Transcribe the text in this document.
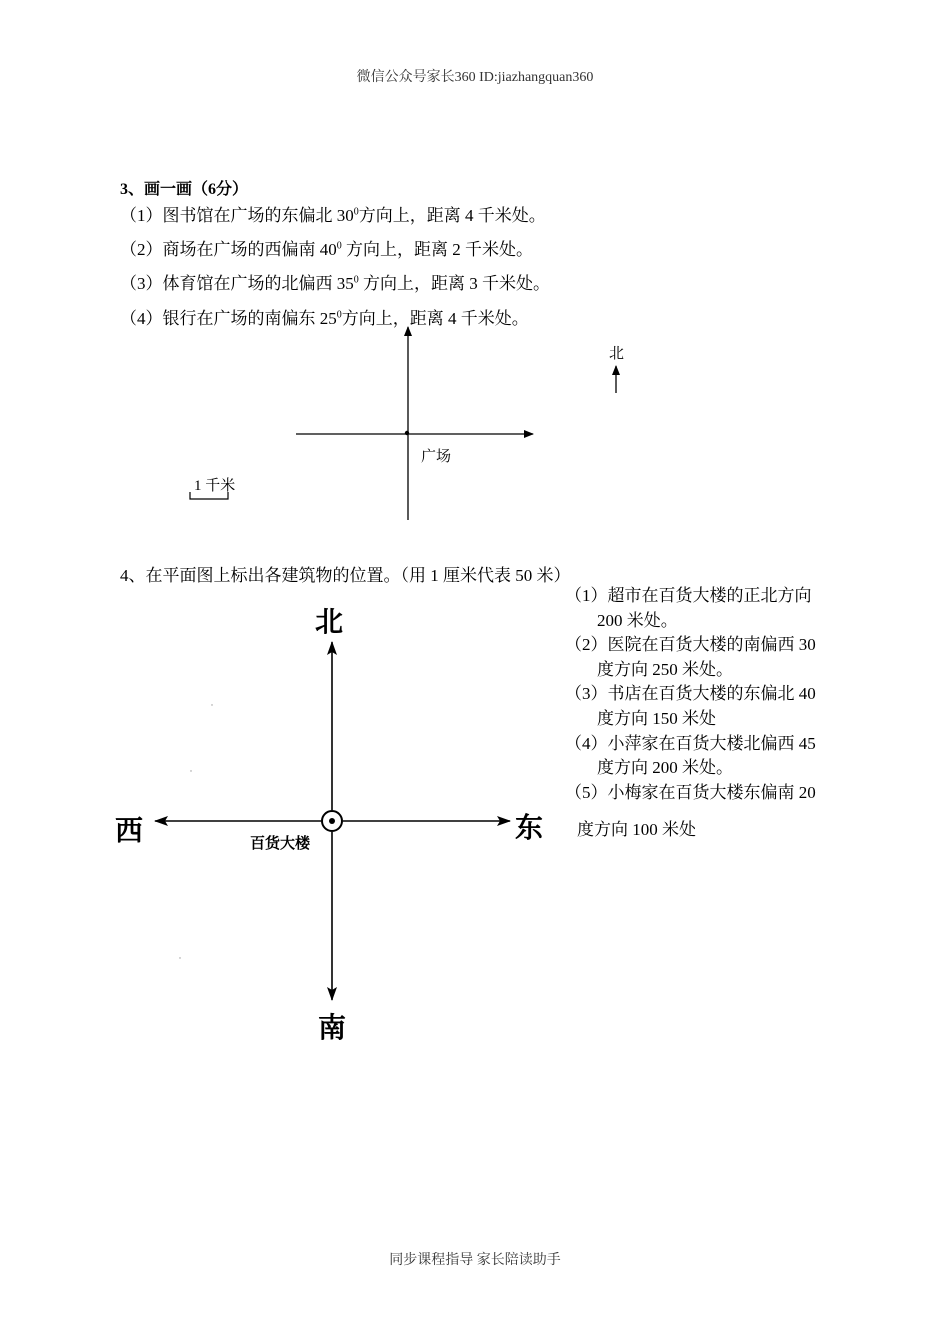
微信公众号家长360 ID:jiazhangquan360
3、画一画（6分）
（1）图书馆在广场的东偏北 $30^0$方向上，距离 4 千米处。
（2）商场在广场的西偏南 $40^0$ 方向上，距离 2 千米处。
（3）体育馆在广场的北偏西 $35^0$ 方向上，距离 3 千米处。
（4）银行在广场的南偏东 $25^0$方向上，距离 4 千米处。
广场
北
1 千米
4、在平面图上标出各建筑物的位置。（用 1 厘米代表 50 米）
（1）超市在百货大楼的正北方向
200 米处。
（2）医院在百货大楼的南偏西 30
度方向 250 米处。
（3）书店在百货大楼的东偏北 40
度方向 150 米处
（4）小萍家在百货大楼北偏西 45
度方向 200 米处。
（5）小梅家在百货大楼东偏南 20
度方向 100 米处
北
南
东
西	百货大楼
同步课程指导 家长陪读助手
